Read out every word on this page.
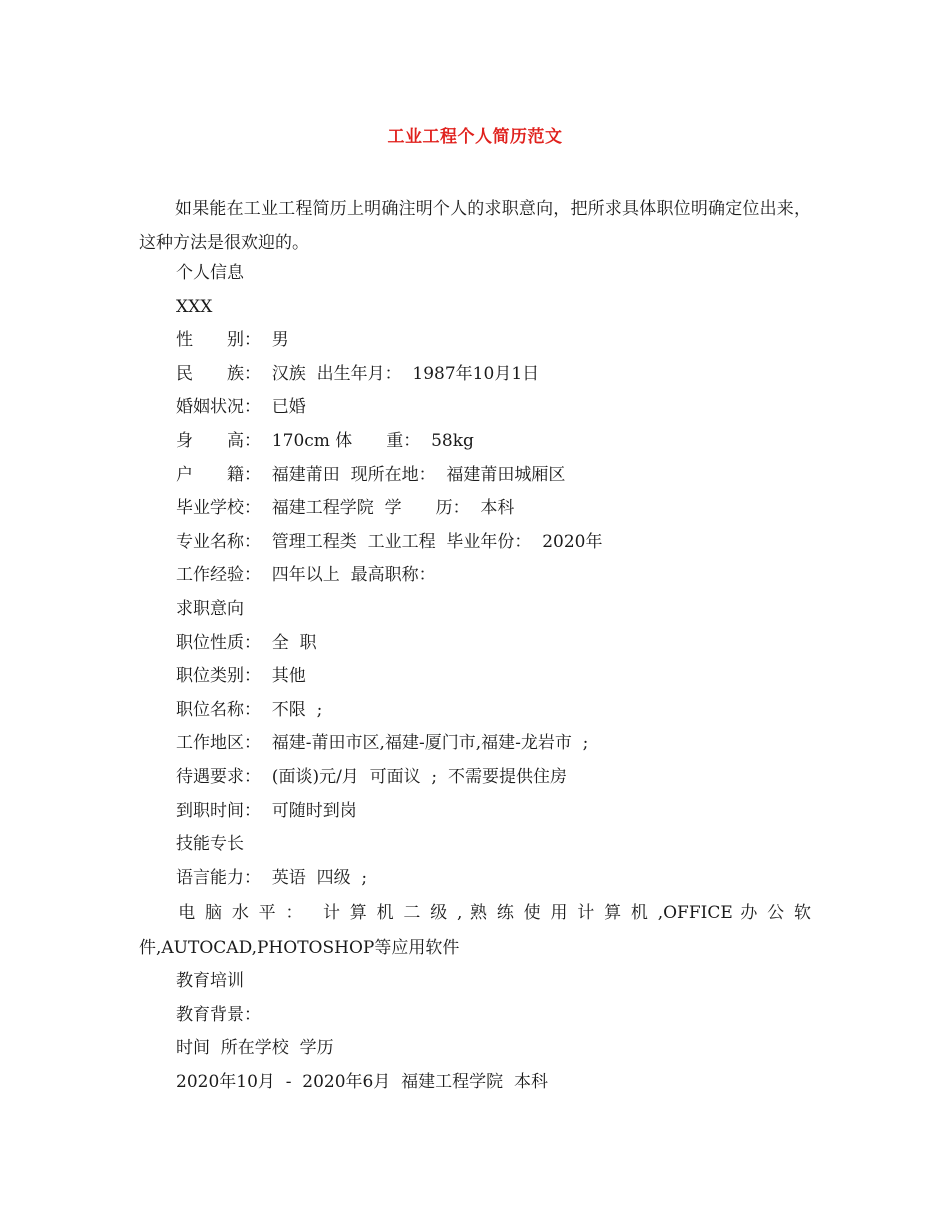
工业工程个人简历范文
如果能在工业工程简历上明确注明个人的求职意向，把所求具体职位明确定位出来，这种方法是很欢迎的。
个人信息
XXX
性　　别：  男
民　　族：  汉族  出生年月：  1987年10月1日
婚姻状况：  已婚
身　　高：  170cm 体　　重：  58kg
户　　籍：  福建莆田  现所在地：  福建莆田城厢区
毕业学校：  福建工程学院  学　　历：  本科
专业名称：  管理工程类  工业工程  毕业年份：  2020年
工作经验：  四年以上  最高职称：
求职意向
职位性质：  全  职
职位类别：  其他
职位名称：  不限  ;
工作地区：  福建-莆田市区,福建-厦门市,福建-龙岩市  ;
待遇要求：  (面谈)元/月  可面议  ;  不需要提供住房
到职时间：  可随时到岗
技能专长
语言能力：  英语  四级  ;
电 脑 水 平 ：　 计 算 机 二 级 , 熟 练 使 用 计 算 机 ,OFFICE 办 公 软 件,AUTOCAD,PHOTOSHOP等应用软件
教育培训
教育背景：
时间  所在学校  学历
2020年10月  -  2020年6月  福建工程学院  本科
